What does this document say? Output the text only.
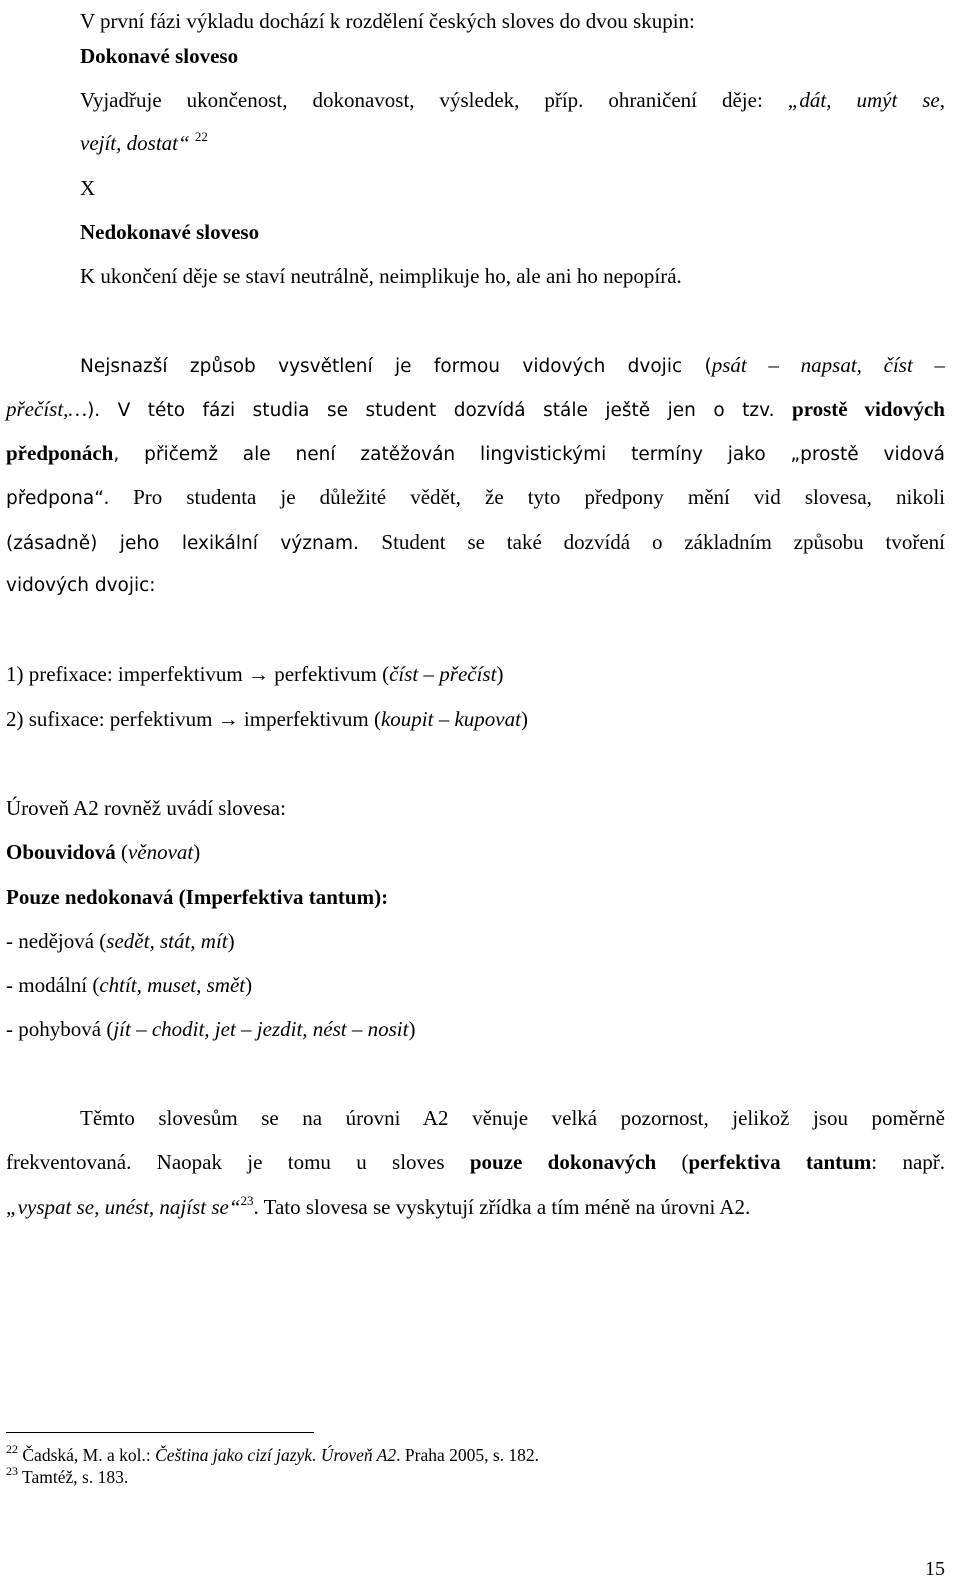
V první fázi výkladu dochází k rozdělení českých sloves do dvou skupin:
Dokonavé sloveso
Vyjadřuje ukončenost, dokonavost, výsledek, příp. ohraničení děje: „dát, umýt se,
vejít, dostat“ $^{22}$
X
Nedokonavé sloveso
K ukončení děje se staví neutrálně, neimplikuje ho, ale ani ho nepopírá.
Nejsnazší způsob vysvětlení je formou vidových dvojic (psát – napsat, číst –
přečíst,…). V této fázi studia se student dozvídá stále ještě jen o tzv. prostě vidových
předponách, přičemž ale není zatěžován lingvistickými termíny jako „prostě vidová
předpona“. Pro studenta je důležité vědět, že tyto předpony mění vid slovesa, nikoli
(zásadně) jeho lexikální význam. Student se také dozvídá o základním způsobu tvoření
vidových dvojic:
1) prefixace: imperfektivum → perfektivum (číst – přečíst)
2) sufixace: perfektivum → imperfektivum (koupit – kupovat)
Úroveň A2 rovněž uvádí slovesa:
Obouvidová (věnovat)
Pouze nedokonavá (Imperfektiva tantum):
- nedějová (sedět, stát, mít)
- modální (chtít, muset, smět)
- pohybová (jít – chodit, jet – jezdit, nést – nosit)
Těmto slovesům se na úrovni A2 věnuje velká pozornost, jelikož jsou poměrně
frekventovaná. Naopak je tomu u sloves pouze dokonavých (perfektiva tantum: např.
„vyspat se, unést, najíst se“$^{23}$. Tato slovesa se vyskytují zřídka a tím méně na úrovni A2.
$^{22}$ Čadská, M. a kol.: Čeština jako cizí jazyk. Úroveň A2. Praha 2005, s. 182.
$^{23}$ Tamtéž, s. 183.
15
